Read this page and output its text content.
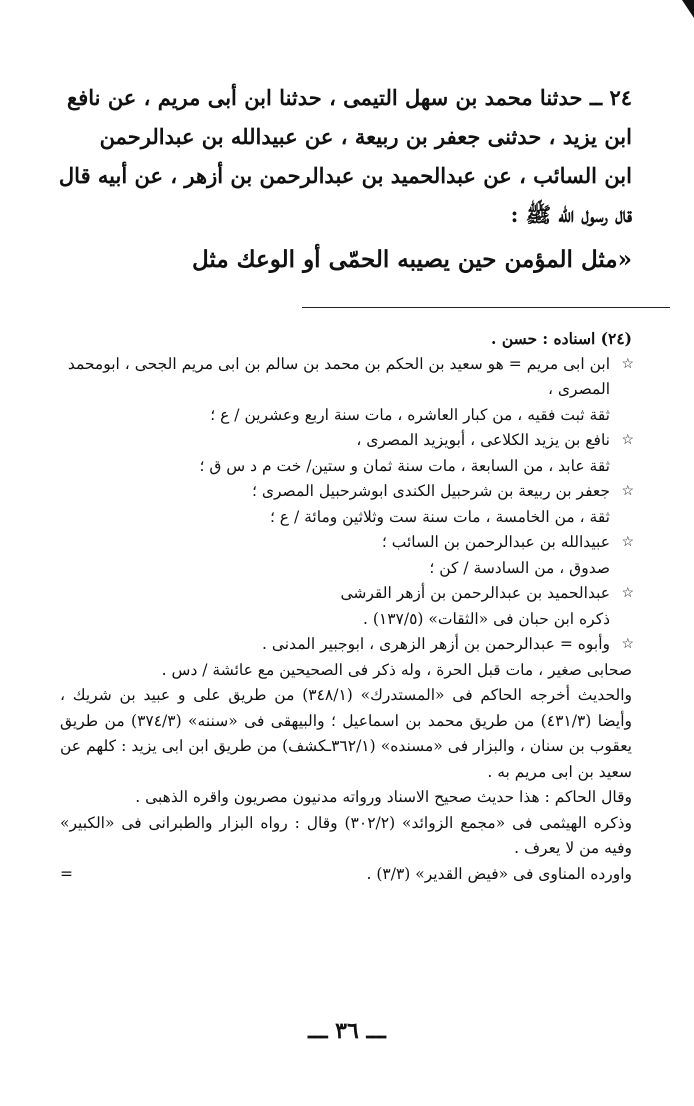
٢٤ ــ حدثنا محمد بن سهل التيمى ، حدثنا ابن أبى مريم ، عن نافع
ابن يزيد ، حدثنى جعفر بن ربيعة ، عن عبيدالله بن عبدالرحمن
ابن السائب ، عن عبدالحميد بن عبدالرحمن بن أزهر ، عن أبيه قال
قال رسول الله ﷺ :
«مثل المؤمن حين يصيبه الحمّى أو الوعك مثل
(٢٤) اسناده : حسن .
☆
ابن ابى مريم = هو سعيد بن الحكم بن محمد بن سالم بن ابى مريم الجحى ، ابومحمد المصرى ،
ثقة ثبت فقيه ، من كبار العاشره ، مات سنة اربع وعشرين / ع ؛
☆
نافع بن يزيد الكلاعى ، أبويزيد المصرى ،
ثقة عابد ، من السابعة ، مات سنة ثمان و ستين/ خت م د س ق ؛
☆
جعفر بن ربيعة بن شرحبيل الكندى ابوشرحبيل المصرى ؛
ثقة ، من الخامسة ، مات سنة ست وثلاثين ومائة / ع ؛
☆
عبيدالله بن عبدالرحمن بن السائب ؛
صدوق ، من السادسة / كن ؛
☆
عبدالحميد بن عبدالرحمن بن أزهر القرشى
ذكره ابن حبان فى «الثقات» (١٣٧/٥) .
☆
وأبوه = عبدالرحمن بن أزهر الزهرى ، ابوجبير المدنى .
صحابى صغير ، مات قبل الحرة ، وله ذكر فى الصحيحين مع عائشة / دس .
والحديث أخرجه الحاكم فى «المستدرك» (٣٤٨/١) من طريق على و عبيد بن شريك ، وأيضا (٤٣١/٣) من طريق محمد بن اسماعيل ؛ والبيهقى فى «سننه» (٣٧٤/٣) من طريق يعقوب بن سنان ، والبزار فى «مسنده» (٣٦٢/١ـكشف) من طريق ابن ابى يزيد : كلهم عن سعيد بن ابى مريم به .
وقال الحاكم : هذا حديث صحيح الاسناد ورواته مدنيون مصريون واقره الذهبى .
وذكره الهيثمى فى «مجمع الزوائد» (٣٠٢/٢) وقال : رواه البزار والطبرانى فى «الكبير» وفيه من لا يعرف .
واورده المناوى فى «فيض القدير» (٣/٣) .
=
ـــ ٣٦ ـــ
